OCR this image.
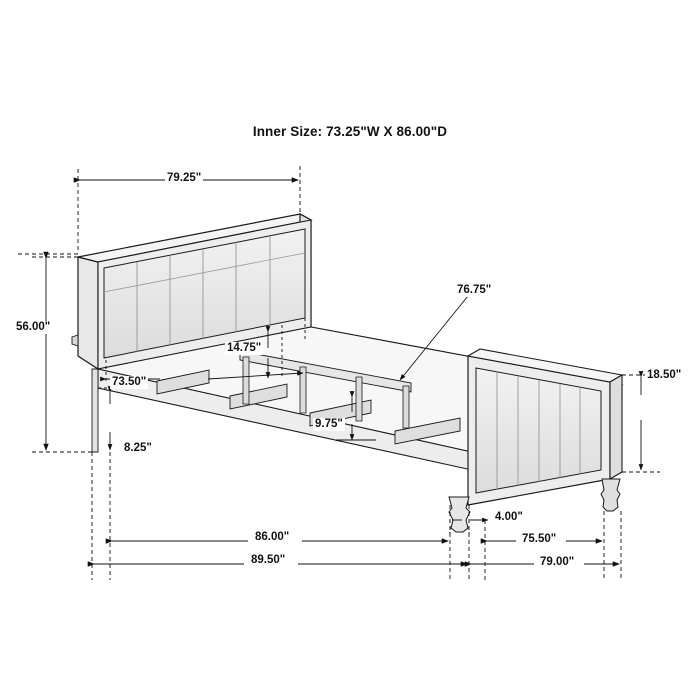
Inner Size: 73.25"W X 86.00"D
79.25"
56.00"
76.75"
14.75"
73.50"
18.50"
9.75"
8.25"
4.00"
86.00"	75.50"
89.50"	79.00"
